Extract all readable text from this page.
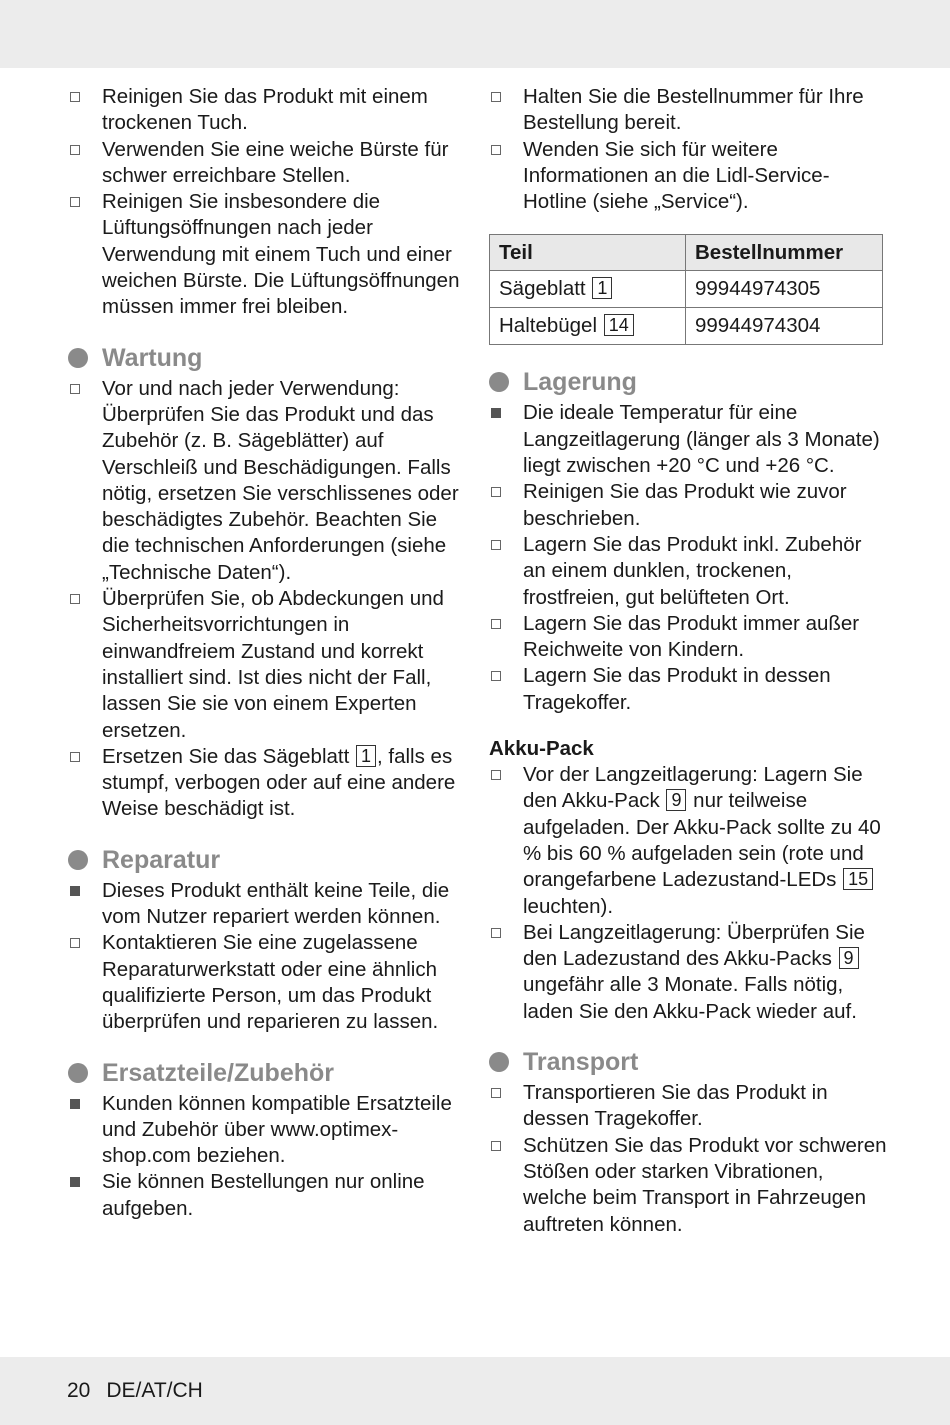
Reinigen Sie das Produkt mit einem trockenen Tuch.
Verwenden Sie eine weiche Bürste für schwer erreichbare Stellen.
Reinigen Sie insbesondere die Lüftungsöffnungen nach jeder Verwendung mit einem Tuch und einer weichen Bürste. Die Lüftungsöffnungen müssen immer frei bleiben.
Wartung
Vor und nach jeder Verwendung: Überprüfen Sie das Produkt und das Zubehör (z. B. Sägeblätter) auf Verschleiß und Beschädigungen. Falls nötig, ersetzen Sie verschlissenes oder beschädigtes Zubehör. Beachten Sie die technischen Anforderungen (siehe „Technische Daten“).
Überprüfen Sie, ob Abdeckungen und Sicherheitsvorrichtungen in einwandfreiem Zustand und korrekt installiert sind. Ist dies nicht der Fall, lassen Sie sie von einem Experten ersetzen.
Ersetzen Sie das Sägeblatt 1 , falls es stumpf, verbogen oder auf eine andere Weise beschädigt ist.
Reparatur
Dieses Produkt enthält keine Teile, die vom Nutzer repariert werden können.
Kontaktieren Sie eine zugelassene Reparaturwerkstatt oder eine ähnlich qualifizierte Person, um das Produkt überprüfen und reparieren zu lassen.
Ersatzteile/Zubehör
Kunden können kompatible Ersatzteile und Zubehör über www.optimex-shop.com beziehen.
Sie können Bestellungen nur online aufgeben.
Halten Sie die Bestellnummer für Ihre Bestellung bereit.
Wenden Sie sich für weitere Informationen an die Lidl-Service-Hotline (siehe „Service“).
Teil	Bestellnummer
Sägeblatt 1	99944974305
Haltebügel 14	99944974304
Lagerung
Die ideale Temperatur für eine Langzeitlagerung (länger als 3 Monate) liegt zwischen +20 °C und +26 °C.
Reinigen Sie das Produkt wie zuvor beschrieben.
Lagern Sie das Produkt inkl. Zubehör an einem dunklen, trockenen, frostfreien, gut belüfteten Ort.
Lagern Sie das Produkt immer außer Reichweite von Kindern.
Lagern Sie das Produkt in dessen Tragekoffer.
Akku-Pack
Vor der Langzeitlagerung: Lagern Sie den Akku-Pack 9 nur teilweise aufgeladen. Der Akku-Pack sollte zu 40 % bis 60 % aufgeladen sein (rote und orangefarbene Ladezustand-LEDs 15 leuchten).
Bei Langzeitlagerung: Überprüfen Sie den Ladezustand des Akku-Packs 9 ungefähr alle 3 Monate. Falls nötig, laden Sie den Akku-Pack wieder auf.
Transport
Transportieren Sie das Produkt in dessen Tragekoffer.
Schützen Sie das Produkt vor schweren Stößen oder starken Vibrationen, welche beim Transport in Fahrzeugen auftreten können.
20 DE/AT/CH
